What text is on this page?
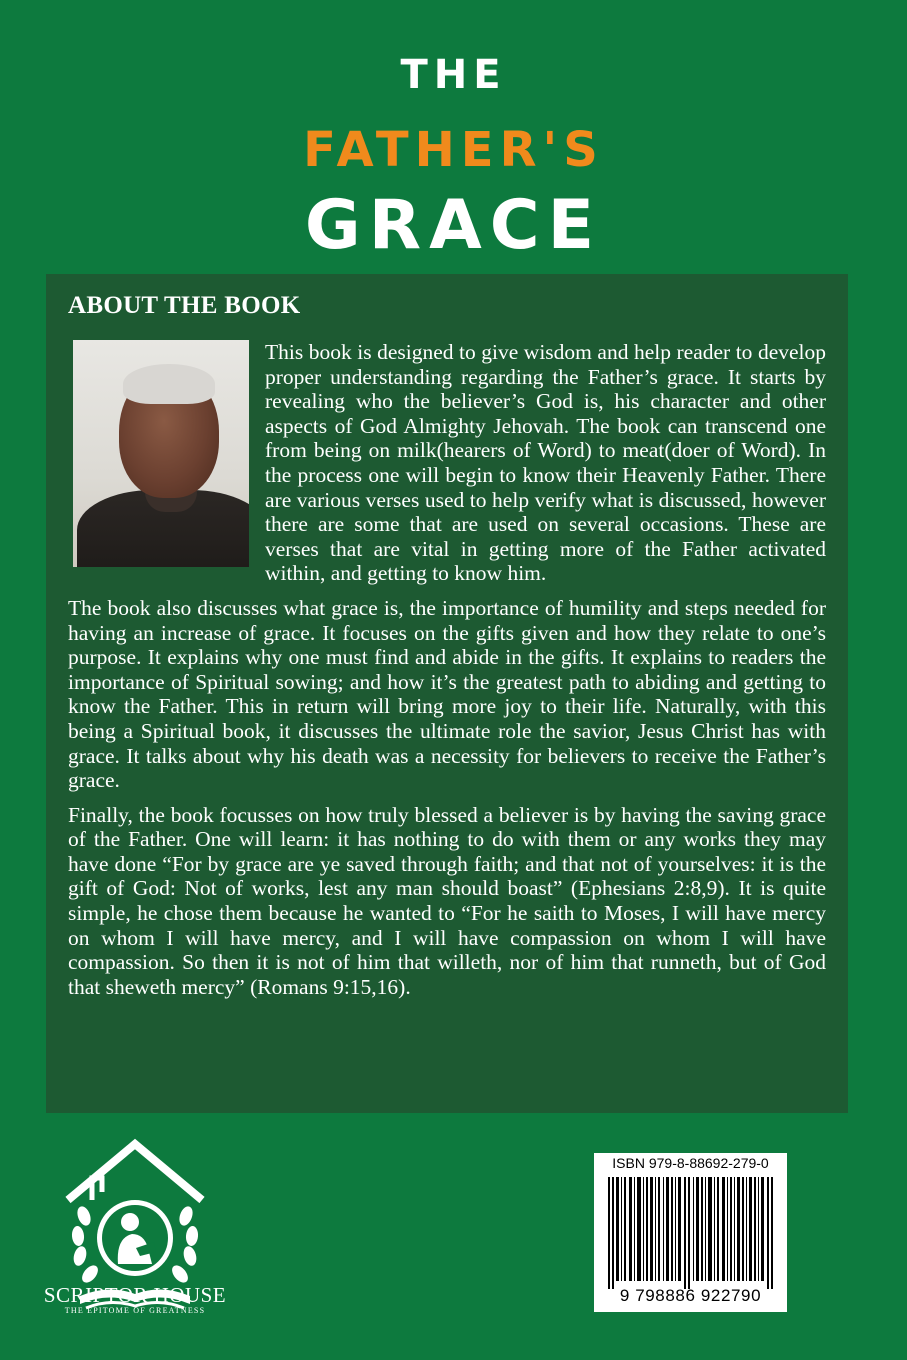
THE
FATHER'S
GRACE
ABOUT THE BOOK

This book is designed to give wisdom and help reader to develop proper understanding regarding the Father’s grace. It starts by revealing who the believer’s God is, his character and other aspects of God Almighty Jehovah. The book can transcend one from being on milk(hearers of Word) to meat(doer of Word). In the process one will begin to know their Heavenly Father. There are various verses used to help verify what is discussed, however there are some that are used on several occasions. These are verses that are vital in getting more of the Father activated within, and getting to know him.

The book also discusses what grace is, the importance of humility and steps needed for having an increase of grace. It focuses on the gifts given and how they relate to one’s purpose. It explains why one must find and abide in the gifts. It explains to readers the importance of Spiritual sowing; and how it’s the greatest path to abiding and getting to know the Father. This in return will bring more joy to their life. Naturally, with this being a Spiritual book, it discusses the ultimate role the savior, Jesus Christ has with grace. It talks about why his death was a necessity for believers to receive the Father’s grace.

Finally, the book focusses on how truly blessed a believer is by having the saving grace of the Father. One will learn: it has nothing to do with them or any works they may have done “For by grace are ye saved through faith; and that not of yourselves: it is the gift of God: Not of works, lest any man should boast” (Ephesians 2:8,9). It is quite simple, he chose them because he wanted to “For he saith to Moses, I will have mercy on whom I will have mercy, and I will have compassion on whom I will have compassion. So then it is not of him that willeth, nor of him that runneth, but of God that sheweth mercy” (Romans 9:15,16).

SCRIPTOR HOUSE

THE EPITOME OF GREATNESS

ISBN 979-8-88692-279-0

9 798886 922790
